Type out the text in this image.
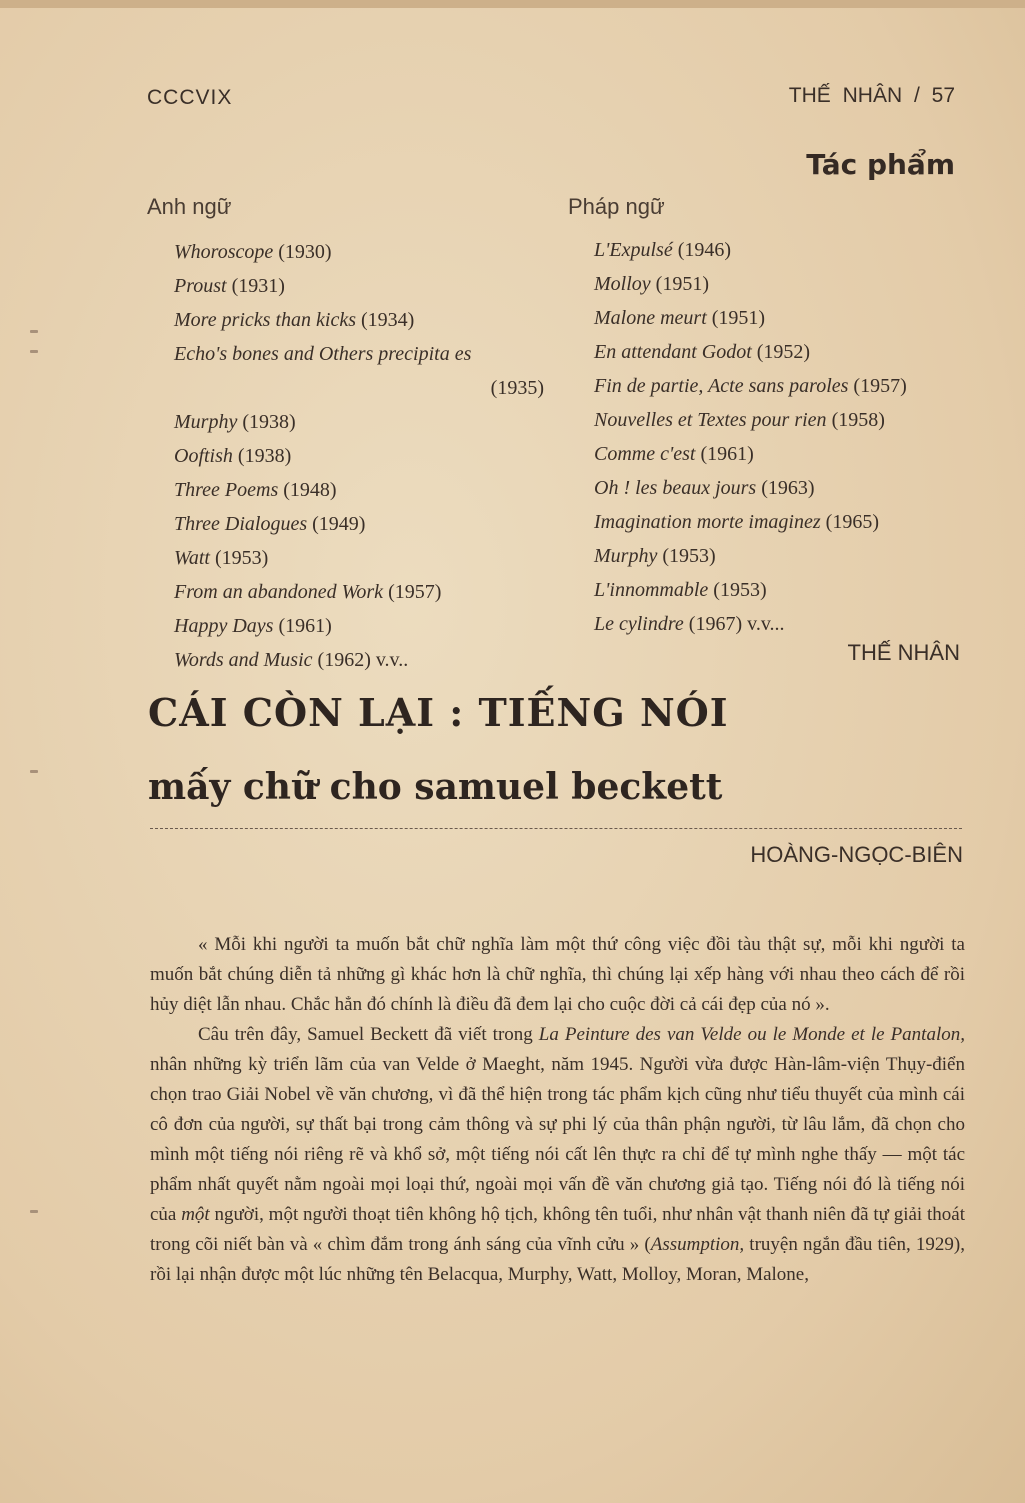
CCCVIX	THẾ NHÂN / 57
Tác phẩm
Anh ngữ	Pháp ngữ
Whoroscope (1930)
Proust (1931)
More pricks than kicks (1934)
Echo's bones and Others precipita es
(1935)
Murphy (1938)
Ooftish (1938)
Three Poems (1948)
Three Dialogues (1949)
Watt (1953)
From an abandoned Work (1957)
Happy Days (1961)
Words and Music (1962) v.v..
L'Expulsé (1946)
Molloy (1951)
Malone meurt (1951)
En attendant Godot (1952)
Fin de partie, Acte sans paroles (1957)
Nouvelles et Textes pour rien (1958)
Comme c'est (1961)
Oh ! les beaux jours (1963)
Imagination morte imaginez (1965)
Murphy (1953)
L'innommable (1953)
Le cylindre (1967) v.v...
THẾ NHÂN
CÁI CÒN LẠI : TIẾNG NÓI
mấy chữ cho samuel beckett
HOÀNG-NGỌC-BIÊN

« Mỗi khi người ta muốn bắt chữ nghĩa làm một thứ công việc đồi tàu thật sự, mỗi khi người ta muốn bắt chúng diễn tả những gì khác hơn là chữ nghĩa, thì chúng lại xếp hàng với nhau theo cách để rồi hủy diệt lẫn nhau. Chắc hẳn đó chính là điều đã đem lại cho cuộc đời cả cái đẹp của nó ».

Câu trên đây, Samuel Beckett đã viết trong La Peinture des van Velde ou le Monde et le Pantalon, nhân những kỳ triển lãm của van Velde ở Maeght, năm 1945. Người vừa được Hàn-lâm-viện Thụy-điển chọn trao Giải Nobel về văn chương, vì đã thể hiện trong tác phẩm kịch cũng như tiểu thuyết của mình cái cô đơn của người, sự thất bại trong cảm thông và sự phi lý của thân phận người, từ lâu lắm, đã chọn cho mình một tiếng nói riêng rẽ và khổ sở, một tiếng nói cất lên thực ra chỉ để tự mình nghe thấy — một tác phẩm nhất quyết nằm ngoài mọi loại thứ, ngoài mọi vấn đề văn chương giả tạo. Tiếng nói đó là tiếng nói của một người, một người thoạt tiên không hộ tịch, không tên tuổi, như nhân vật thanh niên đã tự giải thoát trong cõi niết bàn và « chìm đắm trong ánh sáng của vĩnh cửu » (Assumption, truyện ngắn đầu tiên, 1929), rồi lại nhận được một lúc những tên Belacqua, Murphy, Watt, Molloy, Moran, Malone,
